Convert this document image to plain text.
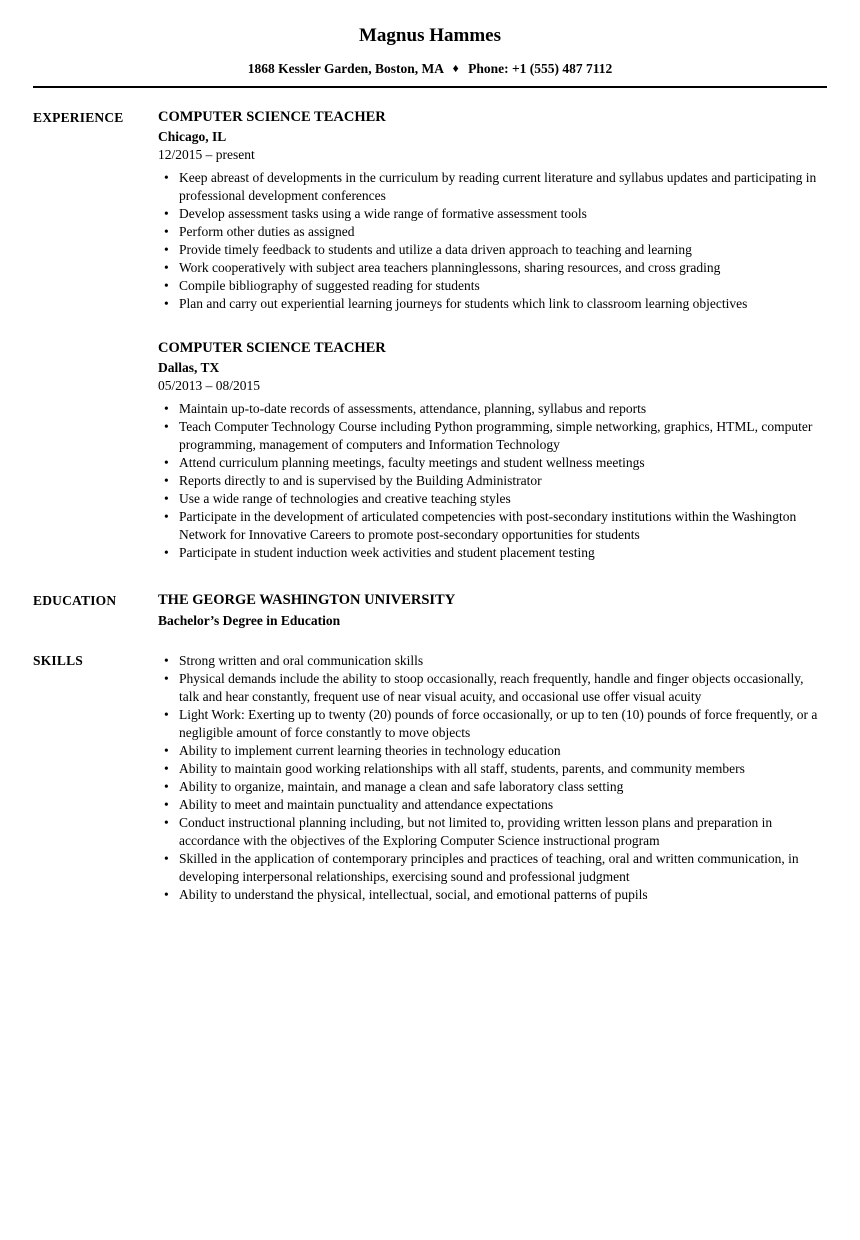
Magnus Hammes
1868 Kessler Garden, Boston, MA ♦ Phone: +1 (555) 487 7112
EXPERIENCE	COMPUTER SCIENCE TEACHER
Chicago, IL
12/2015 – present
• Keep abreast of developments in the curriculum by reading current literature and syllabus updates and participating in professional development conferences
• Develop assessment tasks using a wide range of formative assessment tools
• Perform other duties as assigned
• Provide timely feedback to students and utilize a data driven approach to teaching and learning
• Work cooperatively with subject area teachers planninglessons, sharing resources, and cross grading
• Compile bibliography of suggested reading for students
• Plan and carry out experiential learning journeys for students which link to classroom learning objectives
COMPUTER SCIENCE TEACHER
Dallas, TX
05/2013 – 08/2015
• Maintain up-to-date records of assessments, attendance, planning, syllabus and reports
• Teach Computer Technology Course including Python programming, simple networking, graphics, HTML, computer programming, management of computers and Information Technology
• Attend curriculum planning meetings, faculty meetings and student wellness meetings
• Reports directly to and is supervised by the Building Administrator
• Use a wide range of technologies and creative teaching styles
• Participate in the development of articulated competencies with post-secondary institutions within the Washington Network for Innovative Careers to promote post-secondary opportunities for students
• Participate in student induction week activities and student placement testing
EDUCATION	THE GEORGE WASHINGTON UNIVERSITY
Bachelor’s Degree in Education
SKILLS	• Strong written and oral communication skills
• Physical demands include the ability to stoop occasionally, reach frequently, handle and finger objects occasionally, talk and hear constantly, frequent use of near visual acuity, and occasional use offer visual acuity
• Light Work: Exerting up to twenty (20) pounds of force occasionally, or up to ten (10) pounds of force frequently, or a negligible amount of force constantly to move objects
• Ability to implement current learning theories in technology education
• Ability to maintain good working relationships with all staff, students, parents, and community members
• Ability to organize, maintain, and manage a clean and safe laboratory class setting
• Ability to meet and maintain punctuality and attendance expectations
• Conduct instructional planning including, but not limited to, providing written lesson plans and preparation in accordance with the objectives of the Exploring Computer Science instructional program
• Skilled in the application of contemporary principles and practices of teaching, oral and written communication, in developing interpersonal relationships, exercising sound and professional judgment
• Ability to understand the physical, intellectual, social, and emotional patterns of pupils
